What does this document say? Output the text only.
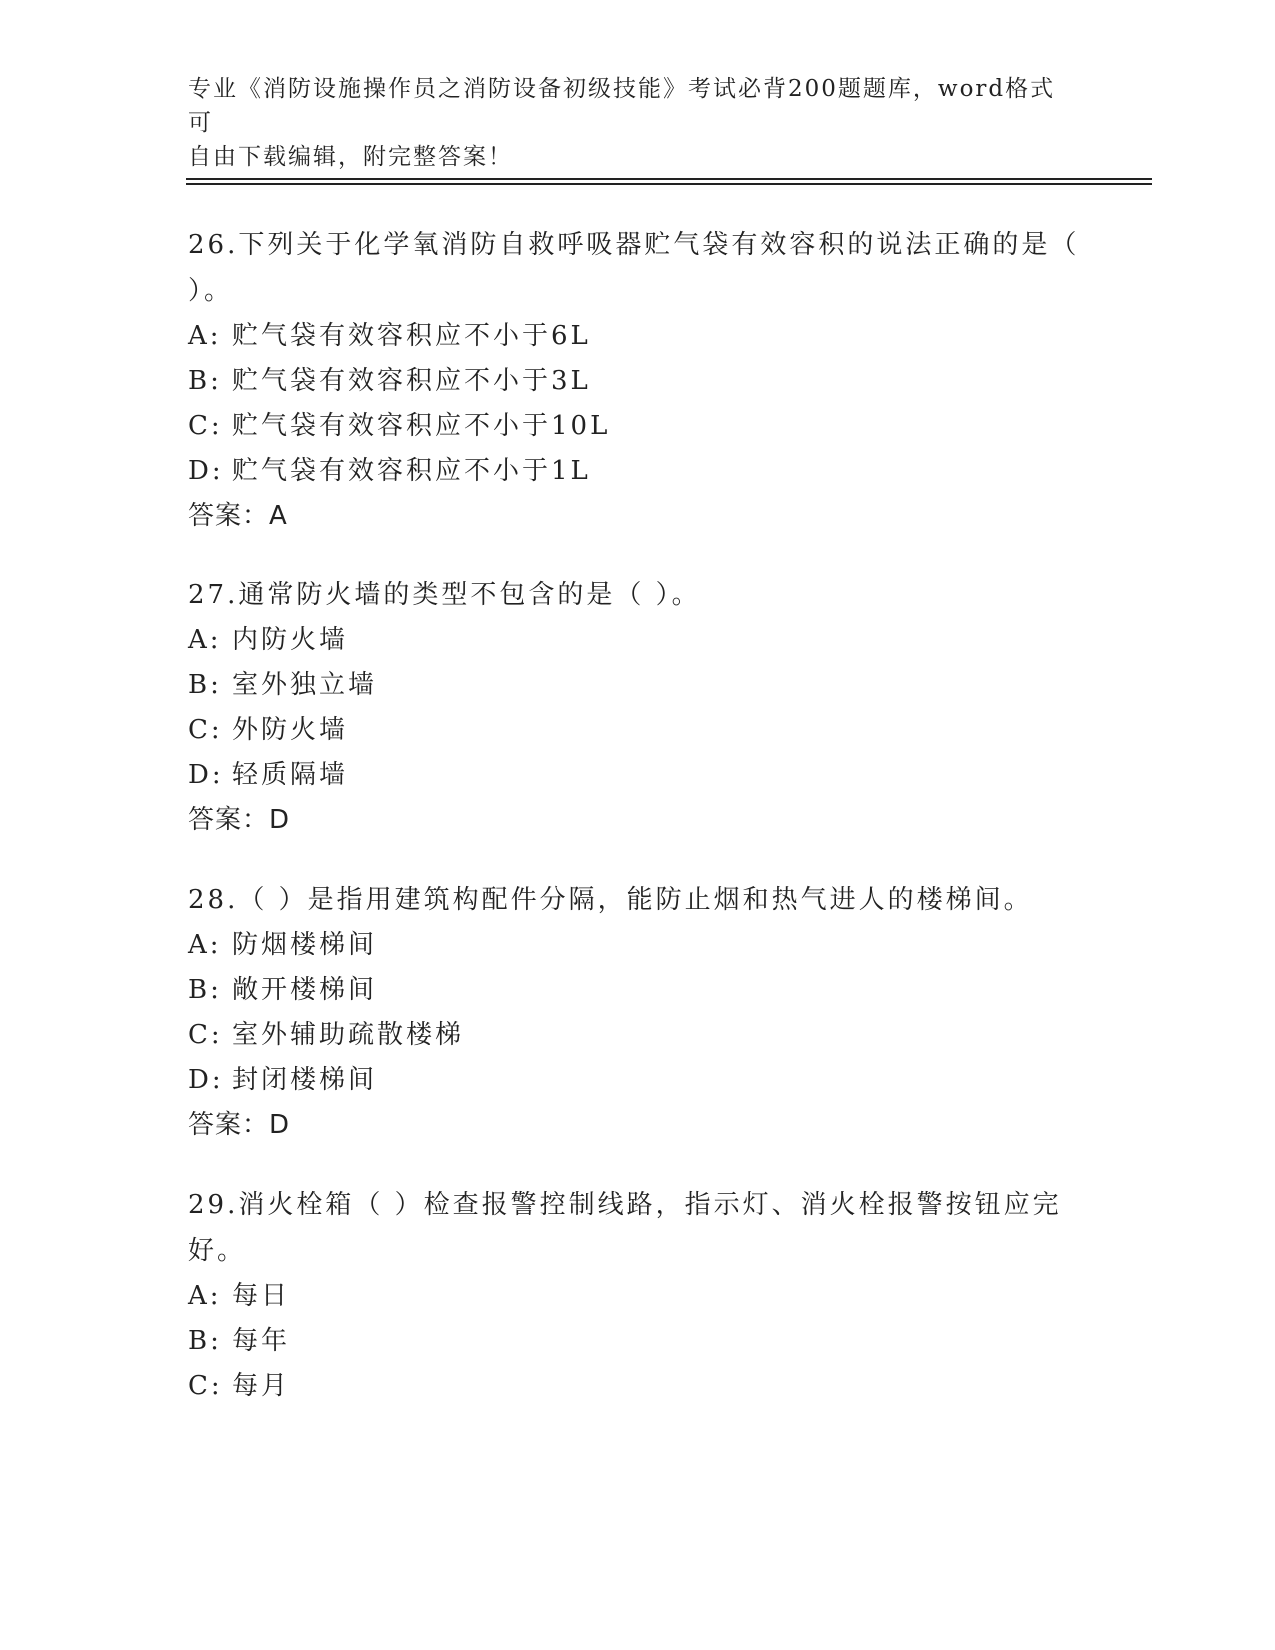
专业《消防设施操作员之消防设备初级技能》考试必背200题题库，word格式可
自由下载编辑，附完整答案！
26.下列关于化学氧消防自救呼吸器贮气袋有效容积的说法正确的是（
）。
A: 贮气袋有效容积应不小于6L
B: 贮气袋有效容积应不小于3L
C: 贮气袋有效容积应不小于10L
D: 贮气袋有效容积应不小于1L
答案：A
27.通常防火墙的类型不包含的是（ ）。
A: 内防火墙
B: 室外独立墙
C: 外防火墙
D: 轻质隔墙
答案：D
28.（ ）是指用建筑构配件分隔，能防止烟和热气进人的楼梯间。
A: 防烟楼梯间
B: 敞开楼梯间
C: 室外辅助疏散楼梯
D: 封闭楼梯间
答案：D
29.消火栓箱（ ）检查报警控制线路，指示灯、消火栓报警按钮应完
好。
A: 每日
B: 每年
C: 每月
